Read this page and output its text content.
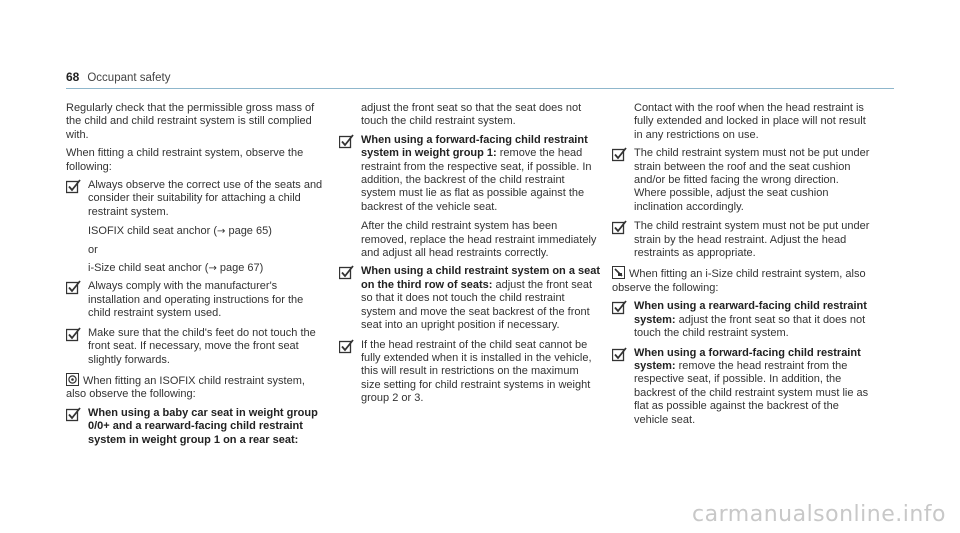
68 Occupant safety

Regularly check that the permissible gross mass of the child and child restraint system is still complied with.

When fitting a child restraint system, observe the following:

Always observe the correct use of the seats and consider their suitability for attaching a child restraint system.

ISOFIX child seat anchor (→ page 65)

or

i-Size child seat anchor (→ page 67)

Always comply with the manufacturer's installation and operating instructions for the child restraint system used.
Make sure that the child's feet do not touch the front seat. If necessary, move the front seat slightly forwards.

When fitting an ISOFIX child restraint system, also observe the following:

When using a baby car seat in weight group 0/0+ and a rearward-facing child restraint system in weight group 1 on a rear seat:

adjust the front seat so that the seat does not touch the child restraint system.

When using a forward-facing child restraint system in weight group 1: remove the head restraint from the respective seat, if possible. In addition, the backrest of the child restraint system must lie as flat as possible against the backrest of the vehicle seat.

After the child restraint system has been removed, replace the head restraint immediately and adjust all head restraints correctly.

When using a child restraint system on a seat on the third row of seats: adjust the front seat so that it does not touch the child restraint system and move the seat backrest of the front seat into an upright position if necessary.
If the head restraint of the child seat cannot be fully extended when it is installed in the vehicle, this will result in restrictions on the maximum size setting for child restraint systems in weight group 2 or 3.

Contact with the roof when the head restraint is fully extended and locked in place will not result in any restrictions on use.

The child restraint system must not be put under strain between the roof and the seat cushion and/or be fitted facing the wrong direction. Where possible, adjust the seat cushion inclination accordingly.
The child restraint system must not be put under strain by the head restraint. Adjust the head restraints as appropriate.

When fitting an i-Size child restraint system, also observe the following:

When using a rearward-facing child restraint system: adjust the front seat so that it does not touch the child restraint system.
When using a forward-facing child restraint system: remove the head restraint from the respective seat, if possible. In addition, the backrest of the child restraint system must lie as flat as possible against the backrest of the vehicle seat.
carmanualsonline.info
